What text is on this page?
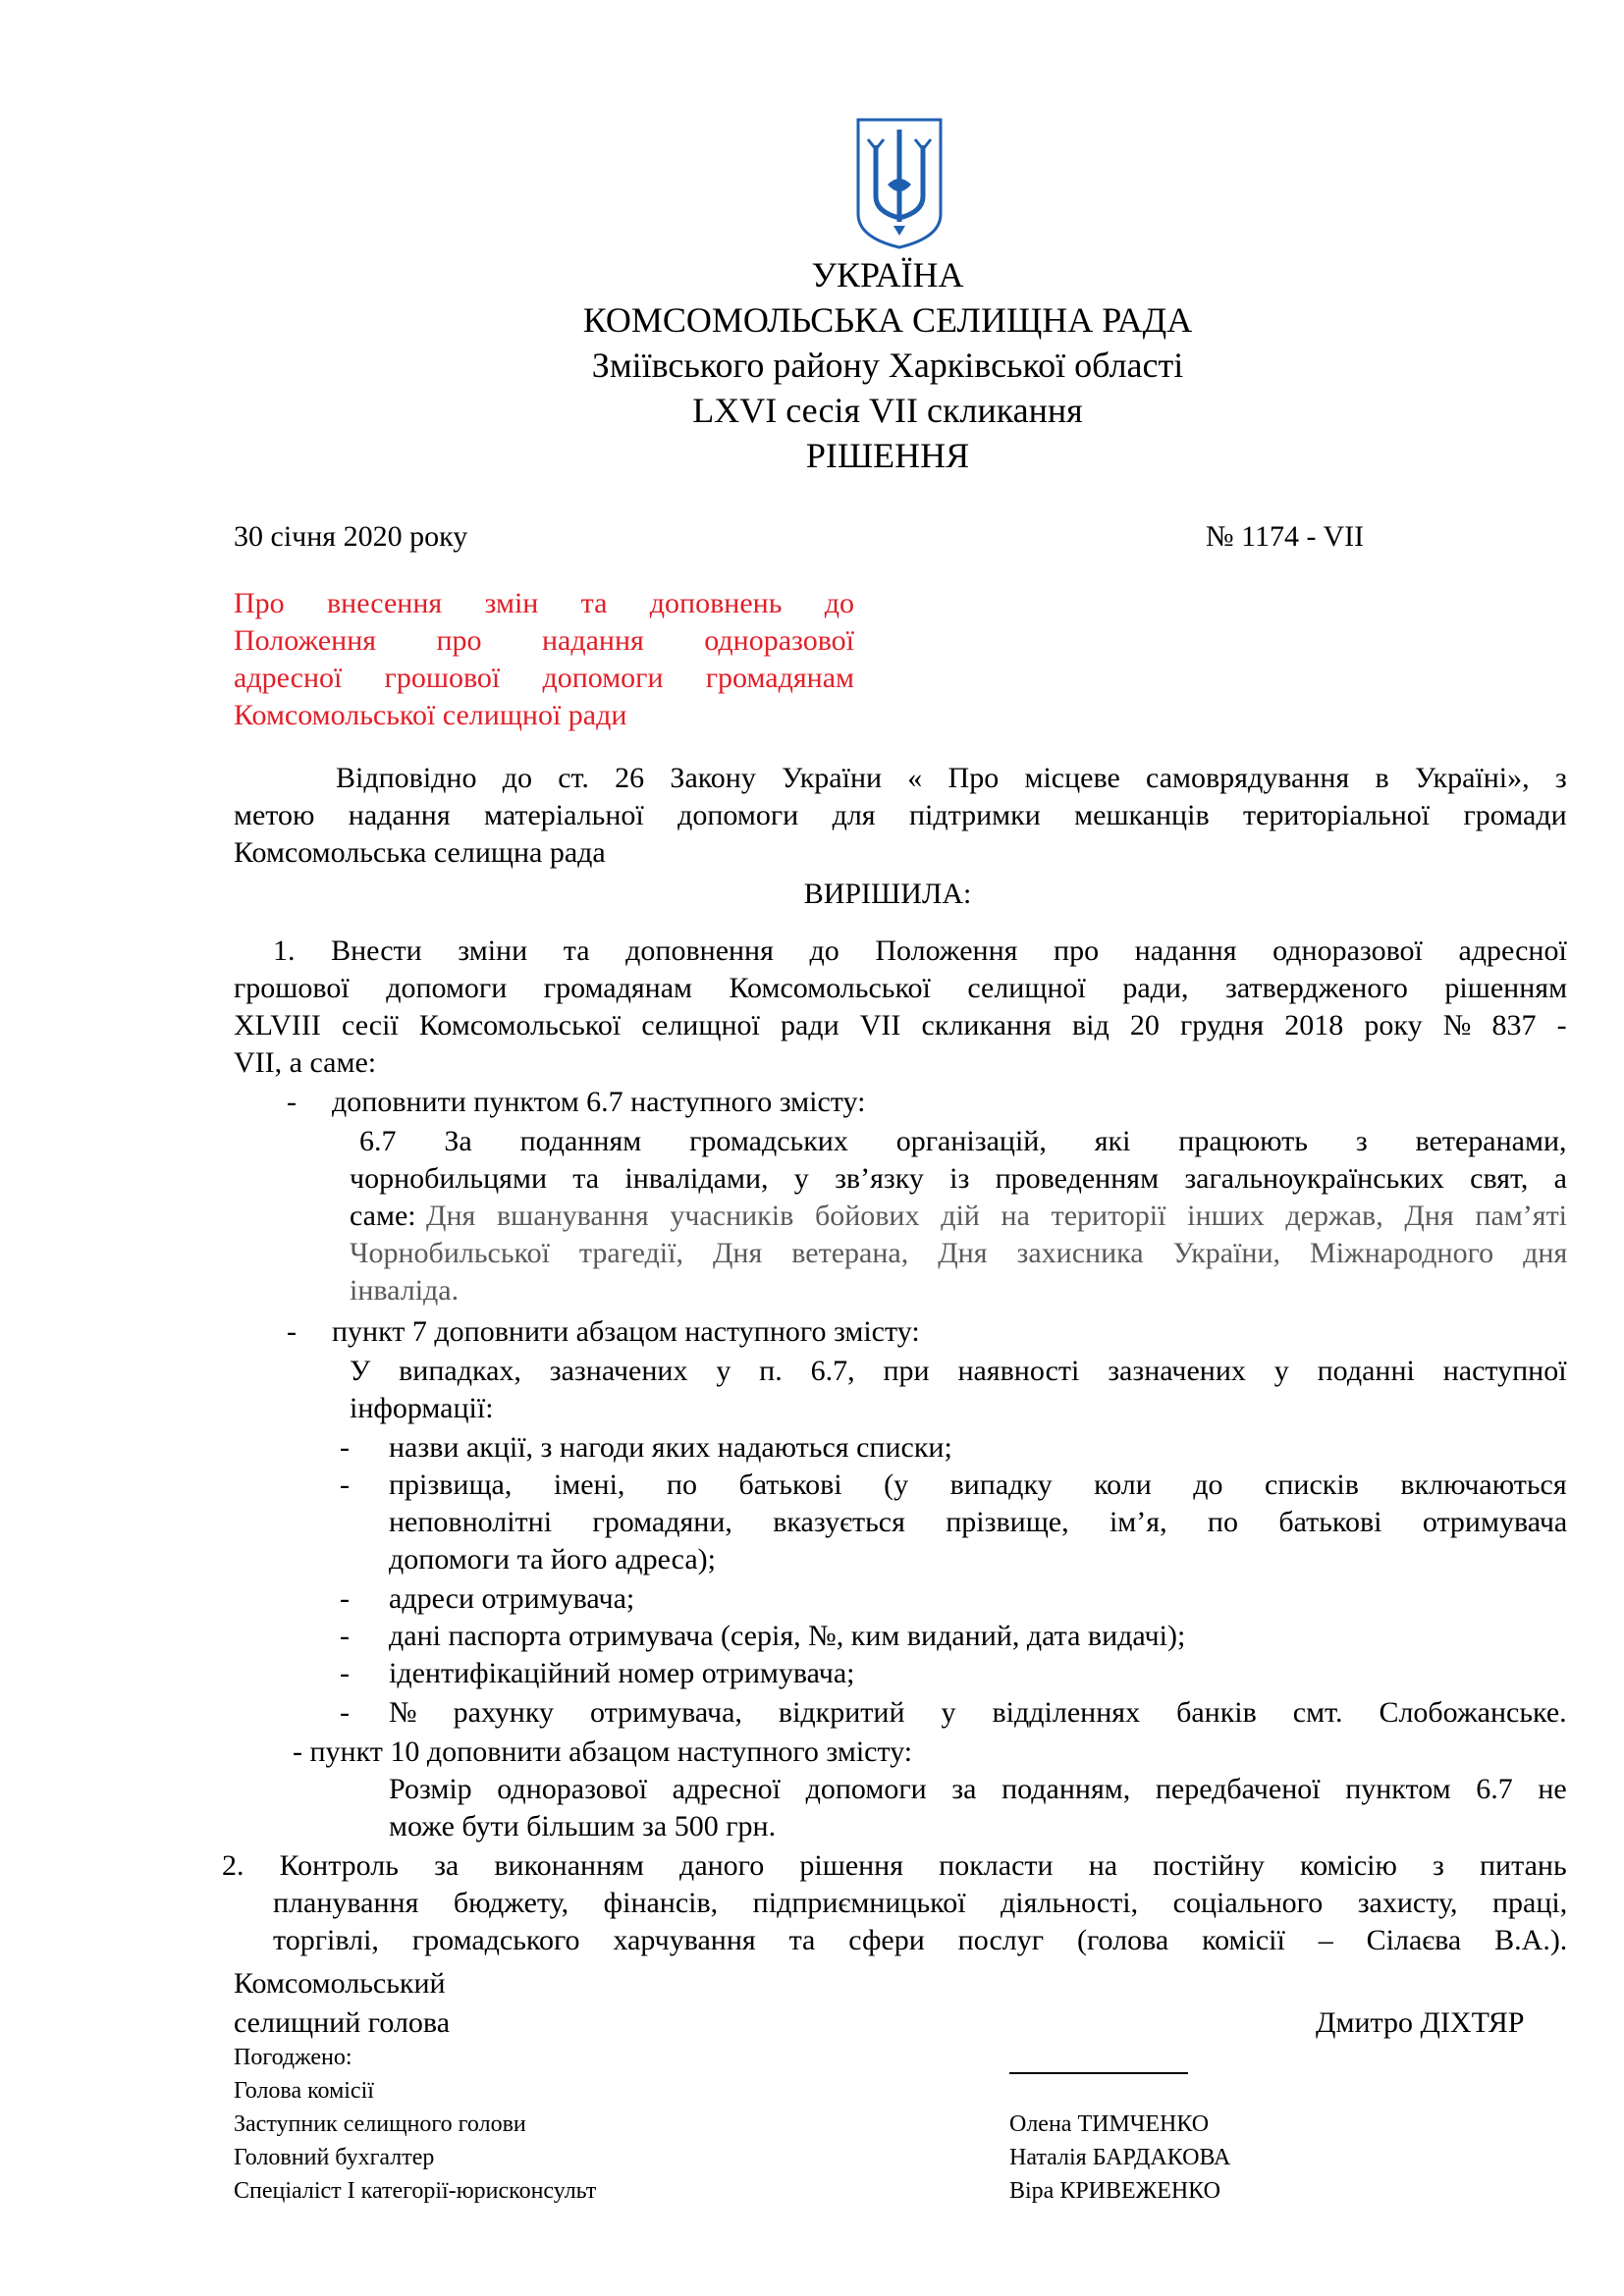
УКРАЇНА
КОМСОМОЛЬСЬКА СЕЛИЩНА РАДА
Зміївського району Харківської області
LXVI сесія VII скликання
РІШЕННЯ
30 січня 2020 року	№ 1174 - VII
Про внесення змін та доповнень до
Положення про надання одноразової
адресної грошової допомоги громадянам
Комсомольської селищної ради
Відповідно до ст. 26 Закону України « Про місцеве самоврядування в Україні», з
метою надання матеріальної допомоги для підтримки мешканців територіальної громади
Комсомольська селищна рада
ВИРІШИЛА:
1. Внести зміни та доповнення до Положення про надання одноразової адресної
грошової допомоги громадянам Комсомольської селищної ради, затвердженого рішенням
XLVIII сесії Комсомольської селищної ради VII скликання від 20 грудня 2018 року № 837 -
VII, а саме:
- доповнити пунктом 6.7 наступного змісту:
6.7 За поданням громадських організацій, які працюють з ветеранами,
чорнобильцями та інвалідами, у зв’язку із проведенням загальноукраїнських свят, а
саме: Дня вшанування учасників бойових дій на території інших держав, Дня пам’яті
Чорнобильської трагедії, Дня ветерана, Дня захисника України, Міжнародного дня
інваліда.
- пункт 7 доповнити абзацом наступного змісту:
У випадках, зазначених у п. 6.7, при наявності зазначених у поданні наступної
інформації:
- назви акції, з нагоди яких надаються списки;
- прізвища, імені, по батькові (у випадку коли до списків включаються
неповнолітні громадяни, вказується прізвище, ім’я, по батькові отримувача
допомоги та його адреса);
- адреси отримувача;
- дані паспорта отримувача (серія, №, ким виданий, дата видачі);
- ідентифікаційний номер отримувача;
- № рахунку отримувача, відкритий у відділеннях банків смт. Слобожанське.
- пункт 10 доповнити абзацом наступного змісту:
Розмір одноразової адресної допомоги за поданням, передбаченої пунктом 6.7 не
може бути більшим за 500 грн.
2. Контроль за виконанням даного рішення покласти на постійну комісію з питань
планування бюджету, фінансів, підприємницької діяльності, соціального захисту, праці,
торгівлі, громадського харчування та сфери послуг (голова комісії – Сілаєва В.А.).
Комсомольський
селищний голова	Дмитро ДІХТЯР
Погоджено:
Голова комісії
Заступник селищного голови
Головний бухгалтер
Спеціаліст І категорії-юрисконсульт
Олена ТИМЧЕНКО
Наталія БАРДАКОВА
Віра КРИВЕЖЕНКО
